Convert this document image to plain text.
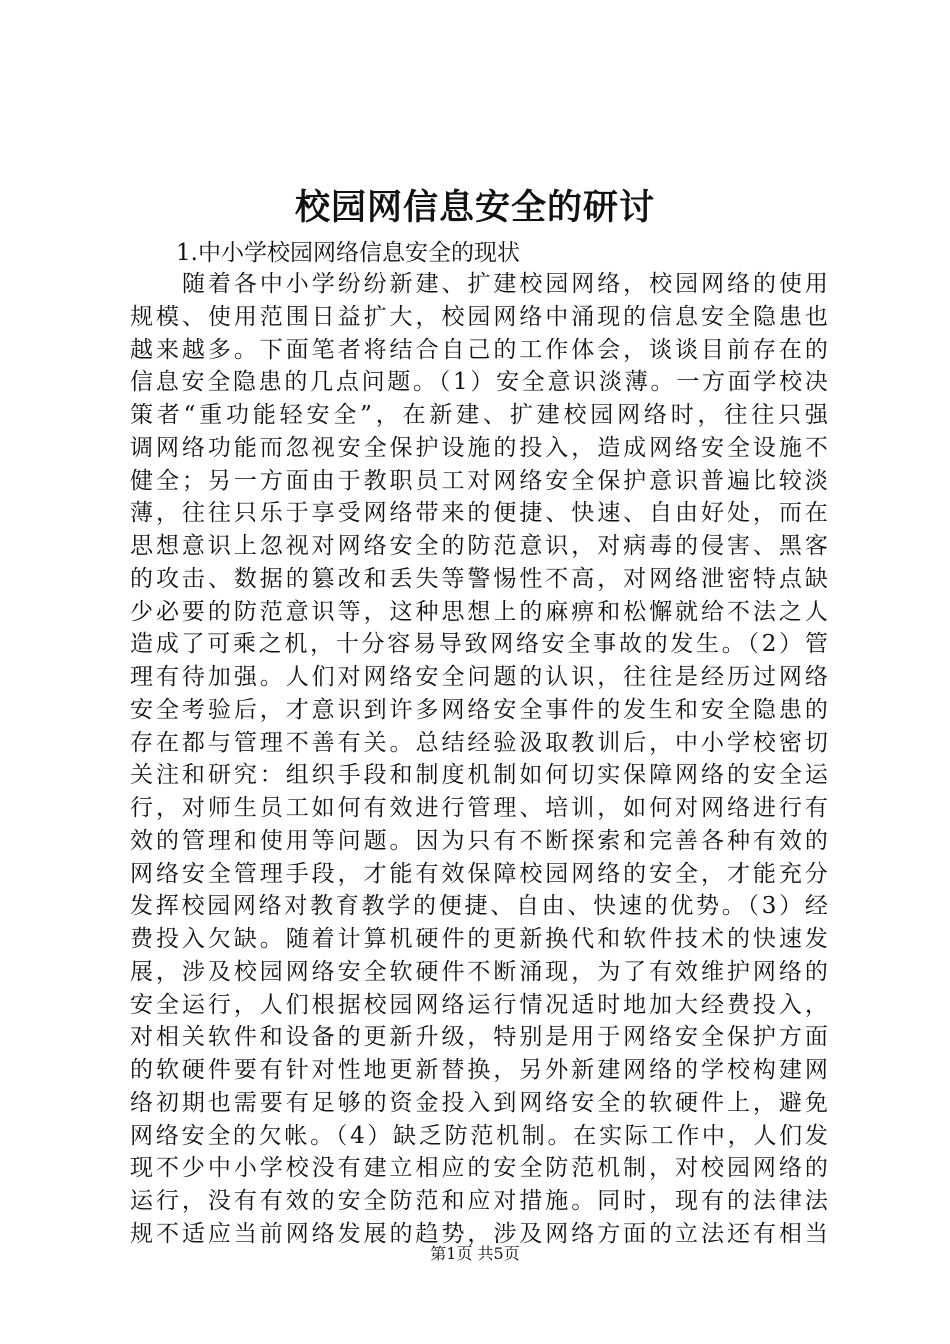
校园网信息安全的研讨
1.中小学校园网络信息安全的现状
随着各中小学纷纷新建、扩建校园网络，校园网络的使用
规模、使用范围日益扩大，校园网络中涌现的信息安全隐患也
越来越多。下面笔者将结合自己的工作体会，谈谈目前存在的
信息安全隐患的几点问题。（1）安全意识淡薄。一方面学校决
策者“重功能轻安全”，在新建、扩建校园网络时，往往只强
调网络功能而忽视安全保护设施的投入，造成网络安全设施不
健全；另一方面由于教职员工对网络安全保护意识普遍比较淡
薄，往往只乐于享受网络带来的便捷、快速、自由好处，而在
思想意识上忽视对网络安全的防范意识，对病毒的侵害、黑客
的攻击、数据的篡改和丢失等警惕性不高，对网络泄密特点缺
少必要的防范意识等，这种思想上的麻痹和松懈就给不法之人
造成了可乘之机，十分容易导致网络安全事故的发生。（2）管
理有待加强。人们对网络安全问题的认识，往往是经历过网络
安全考验后，才意识到许多网络安全事件的发生和安全隐患的
存在都与管理不善有关。总结经验汲取教训后，中小学校密切
关注和研究：组织手段和制度机制如何切实保障网络的安全运
行，对师生员工如何有效进行管理、培训，如何对网络进行有
效的管理和使用等问题。因为只有不断探索和完善各种有效的
网络安全管理手段，才能有效保障校园网络的安全，才能充分
发挥校园网络对教育教学的便捷、自由、快速的优势。（3）经
费投入欠缺。随着计算机硬件的更新换代和软件技术的快速发
展，涉及校园网络安全软硬件不断涌现，为了有效维护网络的
安全运行，人们根据校园网络运行情况适时地加大经费投入，
对相关软件和设备的更新升级，特别是用于网络安全保护方面
的软硬件要有针对性地更新替换，另外新建网络的学校构建网
络初期也需要有足够的资金投入到网络安全的软硬件上，避免
网络安全的欠帐。（4）缺乏防范机制。在实际工作中，人们发
现不少中小学校没有建立相应的安全防范机制，对校园网络的
运行，没有有效的安全防范和应对措施。同时，现有的法律法
规不适应当前网络发展的趋势，涉及网络方面的立法还有相当
第1页 共5页
